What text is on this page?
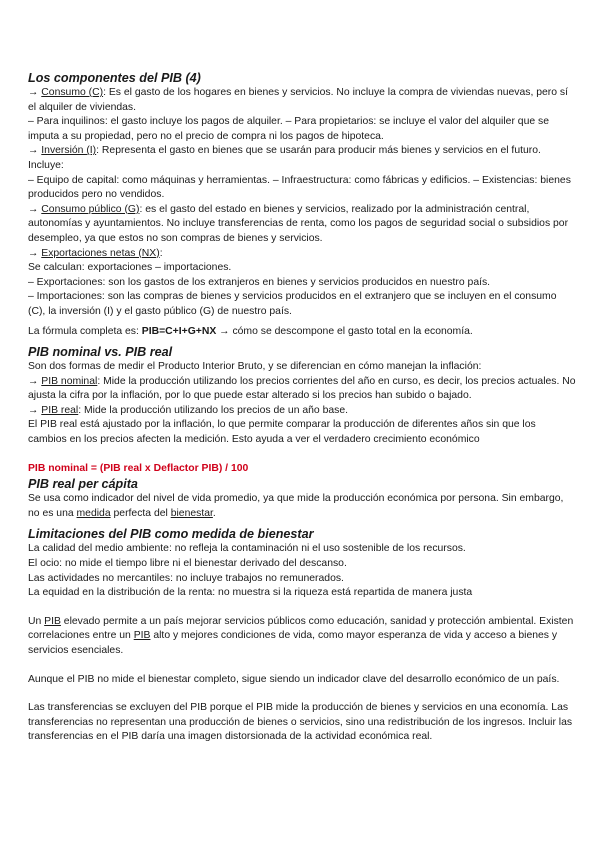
Los componentes del PIB (4)

→ Consumo (C): Es el gasto de los hogares en bienes y servicios. No incluye la compra de viviendas nuevas, pero sí el alquiler de viviendas.

– Para inquilinos: el gasto incluye los pagos de alquiler. – Para propietarios: se incluye el valor del alquiler que se imputa a su propiedad, pero no el precio de compra ni los pagos de hipoteca.

→ Inversión (I): Representa el gasto en bienes que se usarán para producir más bienes y servicios en el futuro.

Incluye:

– Equipo de capital: como máquinas y herramientas. – Infraestructura: como fábricas y edificios. – Existencias: bienes producidos pero no vendidos.

→ Consumo público (G): es el gasto del estado en bienes y servicios, realizado por la administración central, autonomías y ayuntamientos. No incluye transferencias de renta, como los pagos de seguridad social o subsidios por desempleo, ya que estos no son compras de bienes y servicios.

→ Exportaciones netas (NX):

Se calculan: exportaciones – importaciones.

– Exportaciones: son los gastos de los extranjeros en bienes y servicios producidos en nuestro país.

– Importaciones: son las compras de bienes y servicios producidos en el extranjero que se incluyen en el consumo (C), la inversión (I) y el gasto público (G) de nuestro país.

La fórmula completa es: PIB=C+I+G+NX → cómo se descompone el gasto total en la economía.

PIB nominal vs. PIB real

Son dos formas de medir el Producto Interior Bruto, y se diferencian en cómo manejan la inflación:

→ PIB nominal: Mide la producción utilizando los precios corrientes del año en curso, es decir, los precios actuales. No ajusta la cifra por la inflación, por lo que puede estar alterado si los precios han subido o bajado.

→ PIB real: Mide la producción utilizando los precios de un año base.

El PIB real está ajustado por la inflación, lo que permite comparar la producción de diferentes años sin que los cambios en los precios afecten la medición. Esto ayuda a ver el verdadero crecimiento económico

PIB nominal = (PIB real x Deflactor PIB) / 100

PIB real per cápita

Se usa como indicador del nivel de vida promedio, ya que mide la producción económica por persona. Sin embargo, no es una medida perfecta del bienestar.

Limitaciones del PIB como medida de bienestar

La calidad del medio ambiente: no refleja la contaminación ni el uso sostenible de los recursos.

El ocio: no mide el tiempo libre ni el bienestar derivado del descanso.

Las actividades no mercantiles: no incluye trabajos no remunerados.

La equidad en la distribución de la renta: no muestra si la riqueza está repartida de manera justa

Un PIB elevado permite a un país mejorar servicios públicos como educación, sanidad y protección ambiental. Existen correlaciones entre un PIB alto y mejores condiciones de vida, como mayor esperanza de vida y acceso a bienes y servicios esenciales.

Aunque el PIB no mide el bienestar completo, sigue siendo un indicador clave del desarrollo económico de un país.

Las transferencias se excluyen del PIB porque el PIB mide la producción de bienes y servicios en una economía. Las transferencias no representan una producción de bienes o servicios, sino una redistribución de los ingresos. Incluir las transferencias en el PIB daría una imagen distorsionada de la actividad económica real.
